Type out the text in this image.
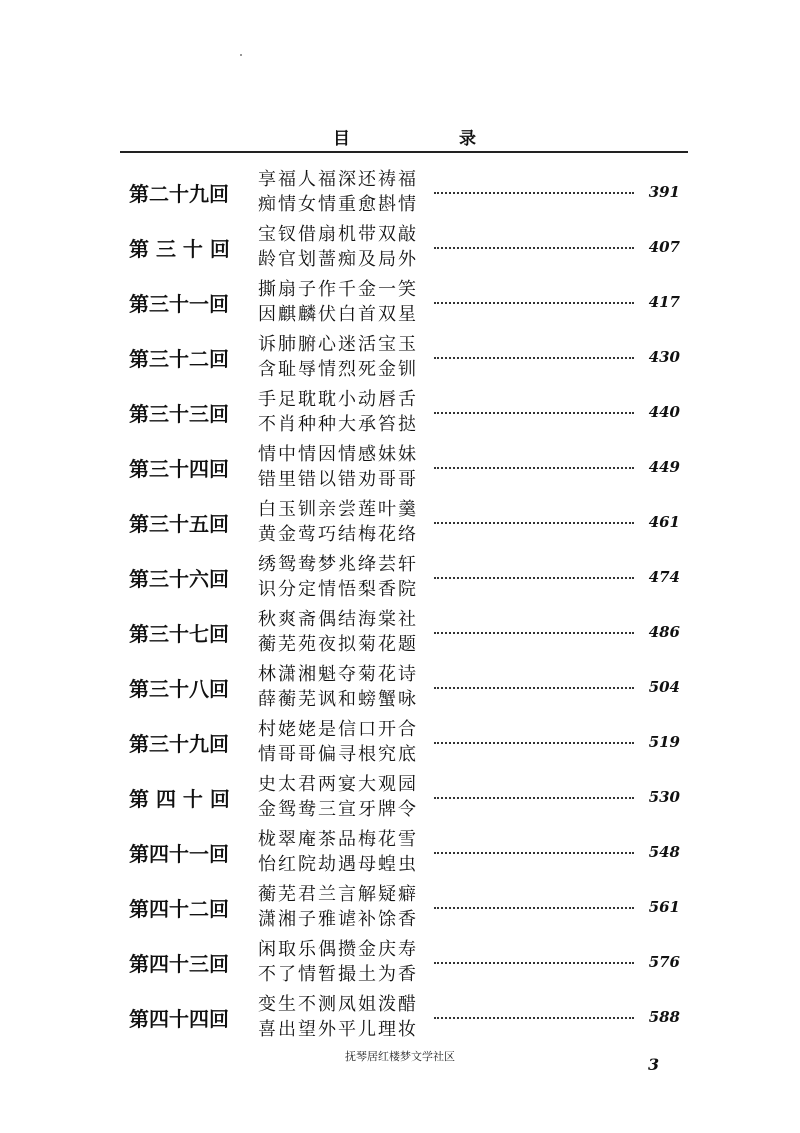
目	录
第二十九回
享福人福深还祷福
痴情女情重愈斟情
391
第 三 十 回
宝钗借扇机带双敲
龄官划蔷痴及局外
407
第三十一回
撕扇子作千金一笑
因麒麟伏白首双星
417
第三十二回
诉肺腑心迷活宝玉
含耻辱情烈死金钏
430
第三十三回
手足耽耽小动唇舌
不肖种种大承笞挞
440
第三十四回
情中情因情感妹妹
错里错以错劝哥哥
449
第三十五回
白玉钏亲尝莲叶羹
黄金莺巧结梅花络
461
第三十六回
绣鸳鸯梦兆绛芸轩
识分定情悟梨香院
474
第三十七回
秋爽斋偶结海棠社
蘅芜苑夜拟菊花题
486
第三十八回
林潇湘魁夺菊花诗
薛蘅芜讽和螃蟹咏
504
第三十九回
村姥姥是信口开合
情哥哥偏寻根究底
519
第 四 十 回
史太君两宴大观园
金鸳鸯三宣牙牌令
530
第四十一回
栊翠庵茶品梅花雪
怡红院劫遇母蝗虫
548
第四十二回
蘅芜君兰言解疑癖
潇湘子雅谑补馀香
561
第四十三回
闲取乐偶攒金庆寿
不了情暂撮土为香
576
第四十四回
变生不测凤姐泼醋
喜出望外平儿理妆
588
抚琴居红楼梦文学社区	3
